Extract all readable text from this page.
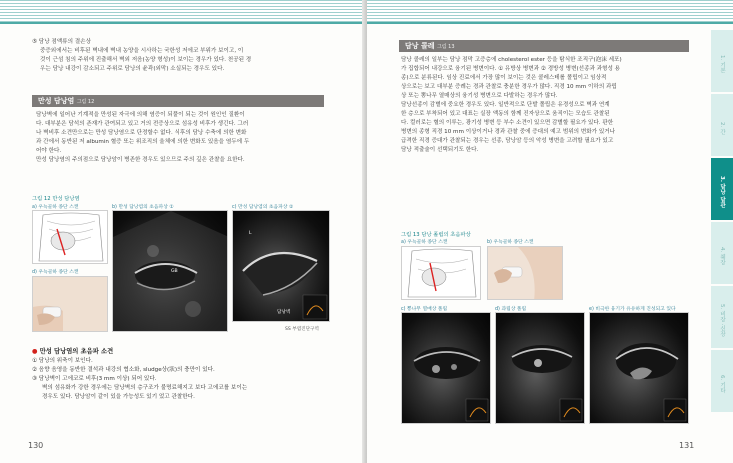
⑤ 담낭 점액류의 결손상
중증외에서는 비후된 벽내에 벽내 농양을 시사하는 국한성 저에코 부위가 보이고, 이
것이 근섬 침의 주위에 진출해서 벽외 저음(농양 형성)이 보이는 경우가 있다. 천공된 경
우는 담낭 내강이 감소되고 주위로 담낭의 윤곽(외막) 소실되는 경우도 있다.
만성 담낭염 그림 12
담낭벽에 일어난 기계적을 만성된 자극에 의해 염증이 되풀이 되는 것이 원인인 질환이
다. 대부분은 담석의 존재가 관여되고 있고 거의 전증상으로 섬유성 비후가 생긴다. 그러
나 벽비후 소견만으로는 만성 담낭염으로 단정할수 없다. 식후의 담낭 수축에 의한 변화
과 간에서 동반된 저 albumin 혈증 또는 위조직의 울체에 의한 변화도 있음을 염두에 두
어야 한다.
만성 담낭염의 주의점으로 담낭암이 병존한 경우도 있으므로 주의 깊은 관찰을 요한다.
그림 12 만성 담낭염
a) 우늑골하 종단 스캔
d) 우늑골하 종단 스캔
b) 만성 담낭염의 초음파상 ①
GB
c) 만성 담낭염의 초음파상 ②
담낭벽
L
SS 부엽진단구역
● 만성 담낭염의 초음파 소견
① 담낭의 위축이 보인다.
② 음향 음영을 동반한 결석과 내강의 협소화, sludge상(狀)의 충만이 있다.
③ 담낭벽이 고에코로 비후(3 mm 이상) 되어 있다.
벽의 섬유화가 강한 경우에는 담낭벽의 층구조가 불명료해지고 보다 고에코를 보이는
경우도 있다. 담낭암이 같이 있을 가능성도 있기 었고 관찰한다.
130
담낭 콜레 그림 13
담낭 콜레의 일부는 담낭 점막 고증층에 cholesterol ester 등을 탐식한 조직구(泡沫 세포)
가 집합되어 내강으로 융기된 병변이다. ① 유방상 병변과 ② 경방성 병변(선종과 과형성 용
종)으로 분류된다. 임상 진료에서 가장 많이 보이는 것은 콜레스테롤 폴립이고 임상적
상으로는 보고 대부분 증례는 경과 관찰로 충분한 경우가 많다. 직경 10 mm 이하의 과립
상 또는 뽕나무 열매상의 융기성 병변으로 다발하는 경우가 많다.
담낭선종이 감별에 중요한 경우도 있다. 일반적으로 단발 폴립은 유경성으로 벽과 연계
한 층으로 부착되어 있고 대표는 실장 액동의 함께 진자상으로 움직이는 모습도 관찰된
다. 컬러로는 혈의 이루는, 광기성 병변 등 부수 소견이 있으면 감별할 필요가 있다. 판한
병변의 종형 직경 10 mm 이상이거나 경과 관찰 중에 증대의 예고 범위의 변화가 있거나
급격한 직경 증대가 관찰되는 경우는 선종, 담낭암 등의 악성 병변을 고려할 필요가 있고
담낭 적출술이 선택되기도 한다.
그림 13 담낭 폴립의 초음파상
a) 우늑골하 종단 스캔	b) 우늑골하 종단 스캔
c) 뽕나무 열매상 폴립	d) 과립상 폴립	e) 비극한 융기가 유유하게 진성되고 있다
1. 기본
2. 간
3. 담낭 담관
4. 췌장
5. 비장 ·신장
6. 기타
131
